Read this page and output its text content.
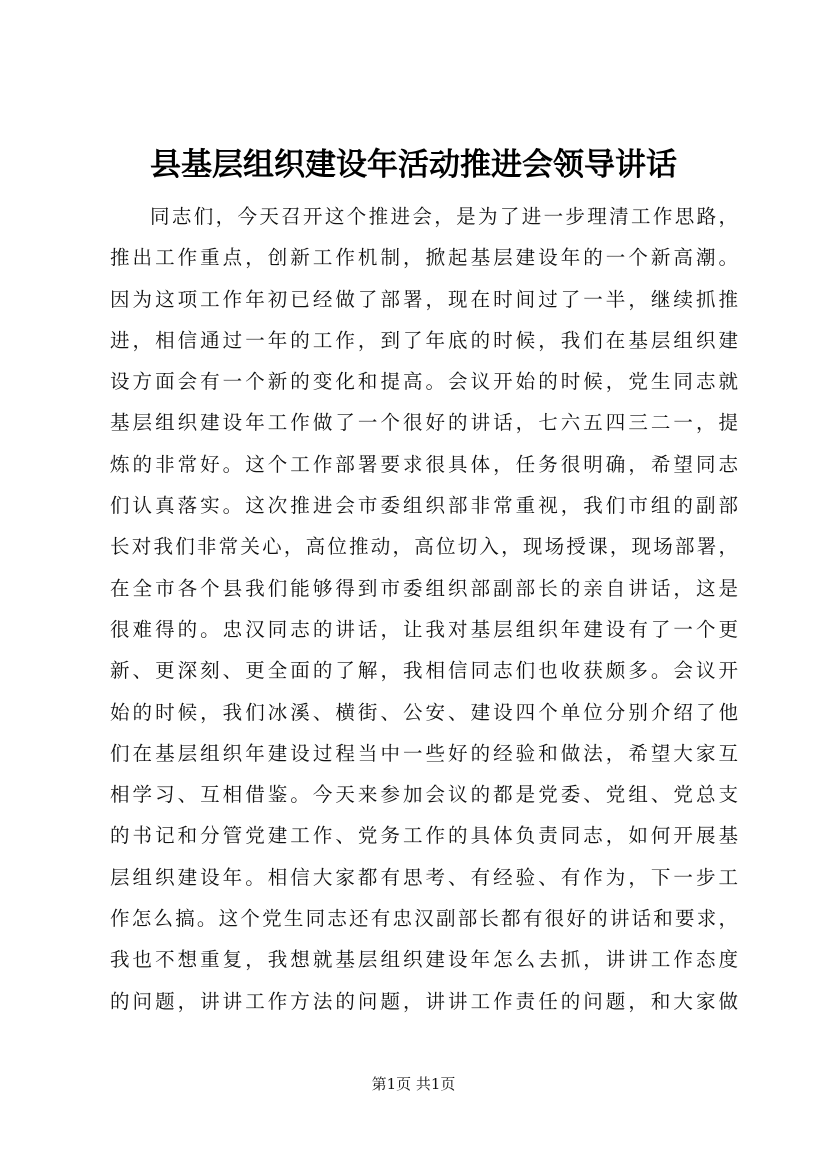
县基层组织建设年活动推进会领导讲话
同志们，今天召开这个推进会，是为了进一步理清工作思路，
推出工作重点，创新工作机制，掀起基层建设年的一个新高潮。
因为这项工作年初已经做了部署，现在时间过了一半，继续抓推
进，相信通过一年的工作，到了年底的时候，我们在基层组织建
设方面会有一个新的变化和提高。会议开始的时候，党生同志就
基层组织建设年工作做了一个很好的讲话，七六五四三二一，提
炼的非常好。这个工作部署要求很具体，任务很明确，希望同志
们认真落实。这次推进会市委组织部非常重视，我们市组的副部
长对我们非常关心，高位推动，高位切入，现场授课，现场部署，
在全市各个县我们能够得到市委组织部副部长的亲自讲话，这是
很难得的。忠汉同志的讲话，让我对基层组织年建设有了一个更
新、更深刻、更全面的了解，我相信同志们也收获颇多。会议开
始的时候，我们冰溪、横街、公安、建设四个单位分别介绍了他
们在基层组织年建设过程当中一些好的经验和做法，希望大家互
相学习、互相借鉴。今天来参加会议的都是党委、党组、党总支
的书记和分管党建工作、党务工作的具体负责同志，如何开展基
层组织建设年。相信大家都有思考、有经验、有作为，下一步工
作怎么搞。这个党生同志还有忠汉副部长都有很好的讲话和要求，
我也不想重复，我想就基层组织建设年怎么去抓，讲讲工作态度
的问题，讲讲工作方法的问题，讲讲工作责任的问题，和大家做
第1页 共1页
